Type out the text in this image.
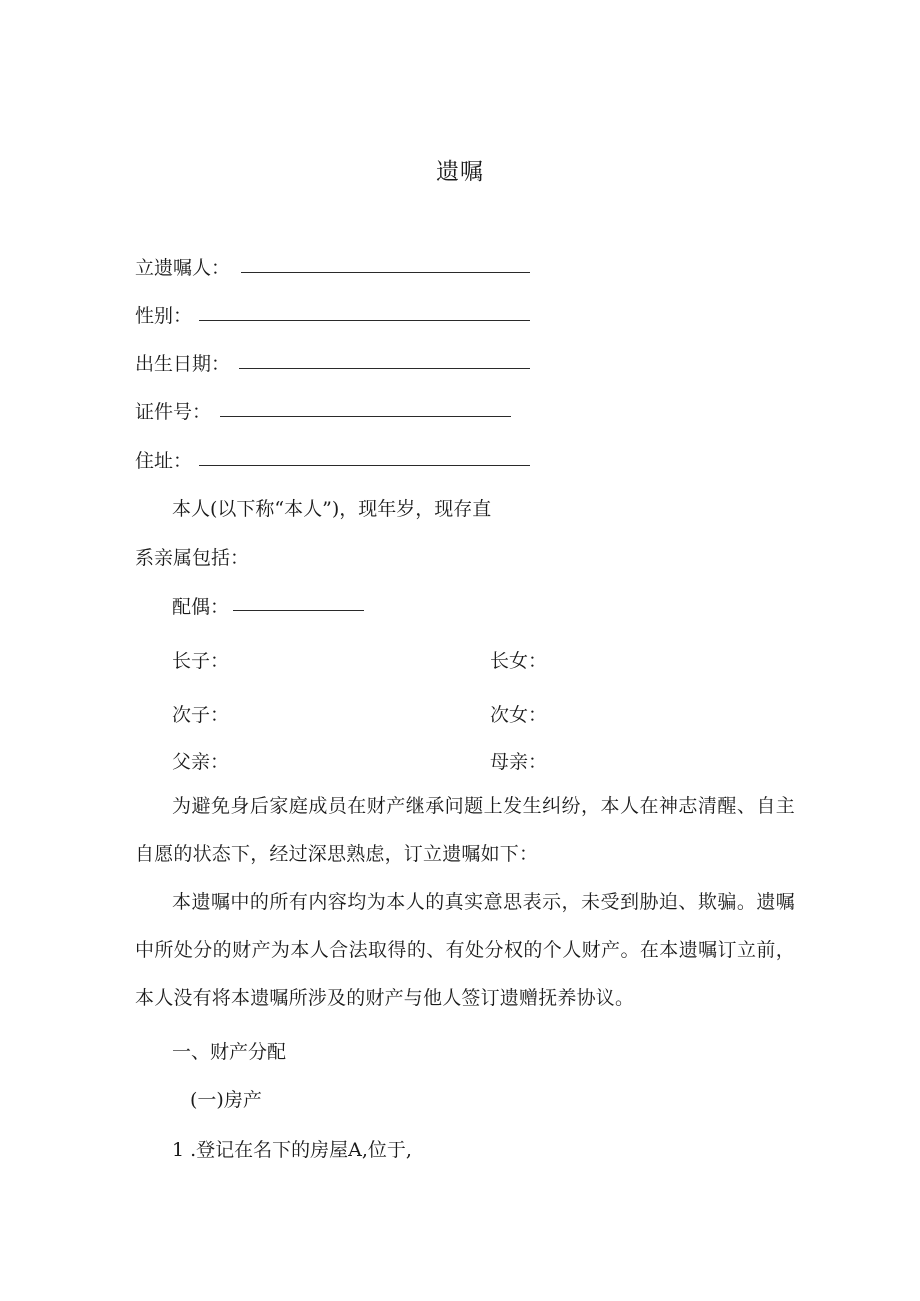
遗嘱
立遗嘱人：
性别：
出生日期：
证件号：
住址：
本人(以下称“本人”)，现年岁，现存直
系亲属包括：
配偶：
长子：	长女：
次子：	次女：
父亲：	母亲：
为避免身后家庭成员在财产继承问题上发生纠纷，本人在神志清醒、自主自愿的状态下，经过深思熟虑，订立遗嘱如下：
本遗嘱中的所有内容均为本人的真实意思表示，未受到胁迫、欺骗。遗嘱中所处分的财产为本人合法取得的、有处分权的个人财产。在本遗嘱订立前，本人没有将本遗嘱所涉及的财产与他人签订遗赠抚养协议。
一、财产分配
(一)房产
1 .登记在名下的房屋A,位于,
